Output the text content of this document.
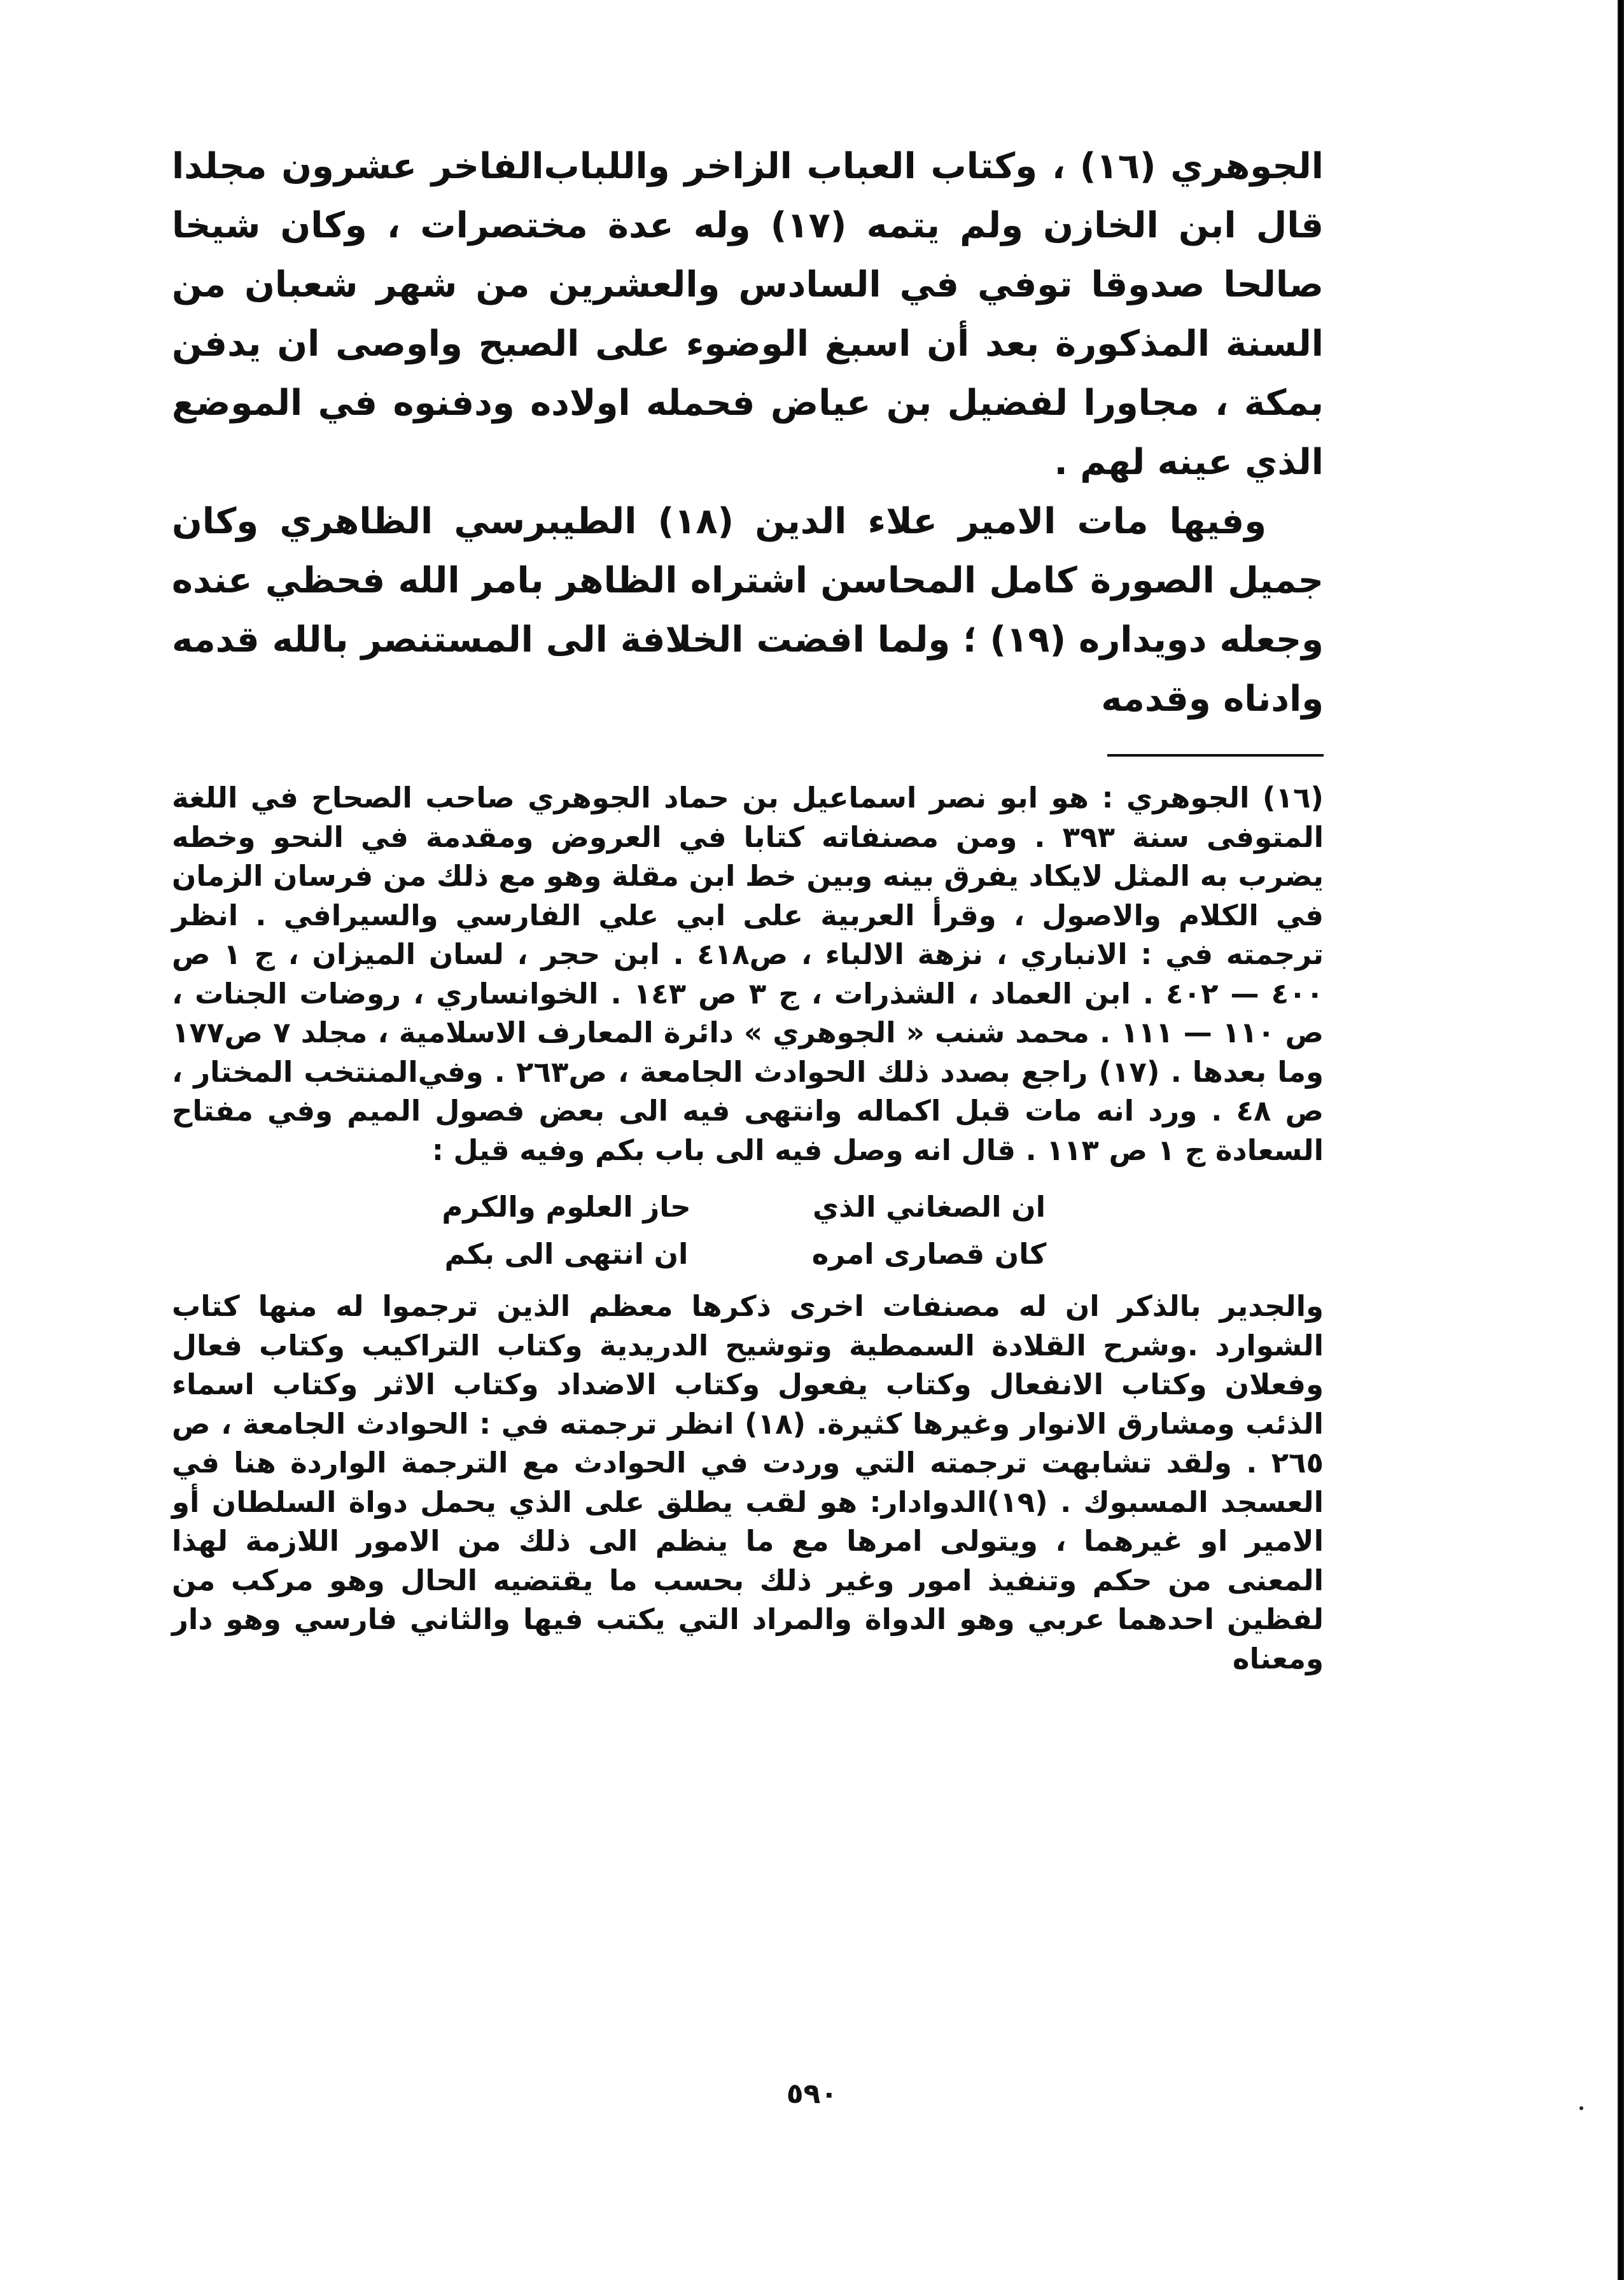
الجوهري (١٦) ، وكتاب العباب الزاخر واللباب‌الفاخر عشرون مجلدا قال ابن الخازن ولم يتمه (١٧) وله عدة مختصرات ، وكان شيخا صالحا صدوقا توفي في السادس والعشرين من شهر شعبان من السنة المذكورة بعد أن اسبغ الوضوء على الصبح واوصى ان يدفن بمكة ، مجاورا لفضيل بن عياض فحمله اولاده ودفنوه في الموضع الذي عينه لهم .

وفيها مات الامير علاء الدين (١٨) الطيبرسي الظاهري وكان جميل الصورة كامل المحاسن اشتراه الظاهر بامر الله فحظي عنده وجعله دويداره (١٩) ؛ ولما افضت الخلافة الى المستنصر بالله قدمه وادناه وقدمه

(١٦) الجوهري : هو ابو نصر اسماعيل بن حماد الجوهري صاحب الصحاح في اللغة المتوفى سنة ٣٩٣ . ومن مصنفاته كتابا في العروض ومقدمة في النحو وخطه يضرب به المثل لايكاد يفرق بينه وبين خط ابن مقلة وهو مع ذلك من فرسان الزمان في الكلام والاصول ، وقرأ العربية على ابي علي الفارسي والسيرافي . انظر ترجمته في : الانباري ، نزهة الالباء ، ص٤١٨ . ابن حجر ، لسان الميزان ، ج ١ ص ٤٠٠ — ٤٠٢ . ابن العماد ، الشذرات ، ج ٣ ص ١٤٣ . الخوانساري ، روضات الجنات ، ص ١١٠ — ١١١ . محمد شنب « الجوهري » دائرة المعارف الاسلامية ، مجلد ٧ ص١٧٧ وما بعدها . (١٧) راجع بصدد ذلك الحوادث الجامعة ، ص٢٦٣ . وفي‌المنتخب المختار ، ص ٤٨ . ورد انه مات قبل اكماله وانتهى فيه الى بعض فصول الميم وفي مفتاح السعادة ج ١ ص ١١٣ . قال انه وصل فيه الى باب بكم وفيه قيل :

ان الصغاني الذي
حاز العلوم والكرم
كان قصارى امره
ان انتهى الى بكم

والجدير بالذكر ان له مصنفات اخرى ذكرها معظم الذين ترجموا له منها كتاب الشوارد .وشرح القلادة السمطية وتوشيح الدريدية وكتاب التراكيب وكتاب فعال وفعلان وكتاب الانفعال وكتاب يفعول وكتاب الاضداد وكتاب الاثر وكتاب اسماء الذئب ومشارق الانوار وغيرها كثيرة. (١٨) انظر ترجمته في : الحوادث الجامعة ، ص ٢٦٥ . ولقد تشابهت ترجمته التي وردت في الحوادث مع الترجمة الواردة هنا في العسجد المسبوك . (١٩)الدوادار: هو لقب يطلق على الذي يحمل دواة السلطان أو الامير او غيرهما ، ويتولى امرها مع ما ينظم الى ذلك من الامور اللازمة لهذا المعنى من حكم وتنفيذ امور وغير ذلك بحسب ما يقتضيه الحال وهو مركب من لفظين احدهما عربي وهو الدواة والمراد التي يكتب فيها والثاني فارسي وهو دار ومعناه

٥٩٠
